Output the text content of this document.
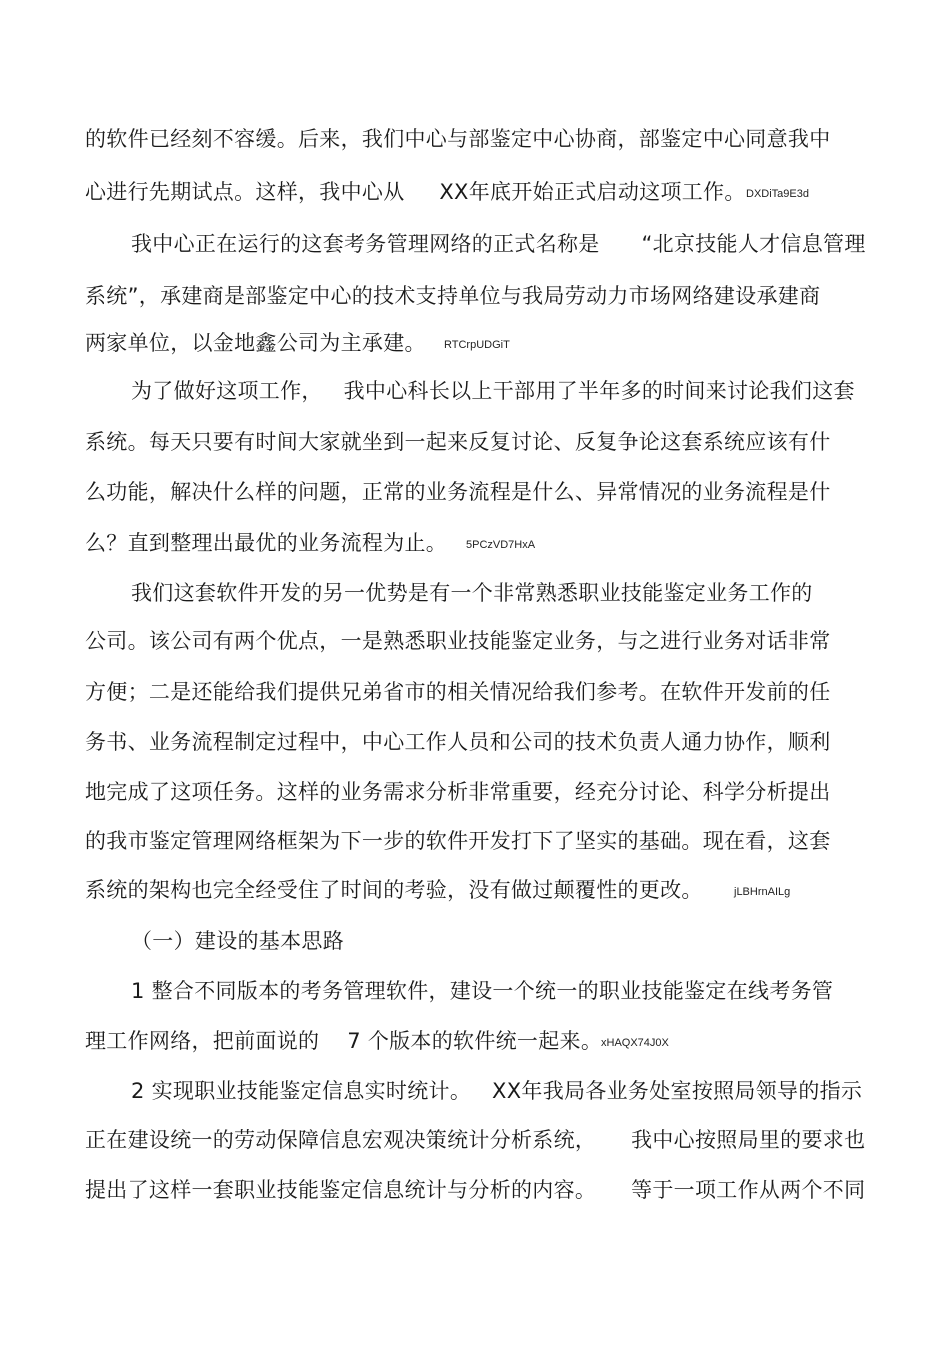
的软件已经刻不容缓。后来，我们中心与部鉴定中心协商，部鉴定中心同意我中
心进行先期试点。这样，我中心从     XX年底开始正式启动这项工作。 DXDiTa9E3d
我中心正在运行的这套考务管理网络的正式名称是      “北京技能人才信息管理
系统”，承建商是部鉴定中心的技术支持单位与我局劳动力市场网络建设承建商
两家单位，以金地鑫公司为主承建。 RTCrpUDGiT
为了做好这项工作，   我中心科长以上干部用了半年多的时间来讨论我们这套
系统。每天只要有时间大家就坐到一起来反复讨论、反复争论这套系统应该有什
么功能，解决什么样的问题，正常的业务流程是什么、异常情况的业务流程是什
么？直到整理出最优的业务流程为止。 5PCzVD7HxA
我们这套软件开发的另一优势是有一个非常熟悉职业技能鉴定业务工作的
公司。该公司有两个优点，一是熟悉职业技能鉴定业务，与之进行业务对话非常
方便；二是还能给我们提供兄弟省市的相关情况给我们参考。在软件开发前的任
务书、业务流程制定过程中，中心工作人员和公司的技术负责人通力协作，顺利
地完成了这项任务。这样的业务需求分析非常重要，经充分讨论、科学分析提出
的我市鉴定管理网络框架为下一步的软件开发打下了坚实的基础。现在看，这套
系统的架构也完全经受住了时间的考验，没有做过颠覆性的更改。	jLBHrnAILg
（一）建设的基本思路
1 整合不同版本的考务管理软件，建设一个统一的职业技能鉴定在线考务管
理工作网络，把前面说的    7 个版本的软件统一起来。
xHAQX74J0X
2 实现职业技能鉴定信息实时统计。   XX年我局各业务处室按照局领导的指示
正在建设统一的劳动保障信息宏观决策统计分析系统，     我中心按照局里的要求也
提出了这样一套职业技能鉴定信息统计与分析的内容。     等于一项工作从两个不同
